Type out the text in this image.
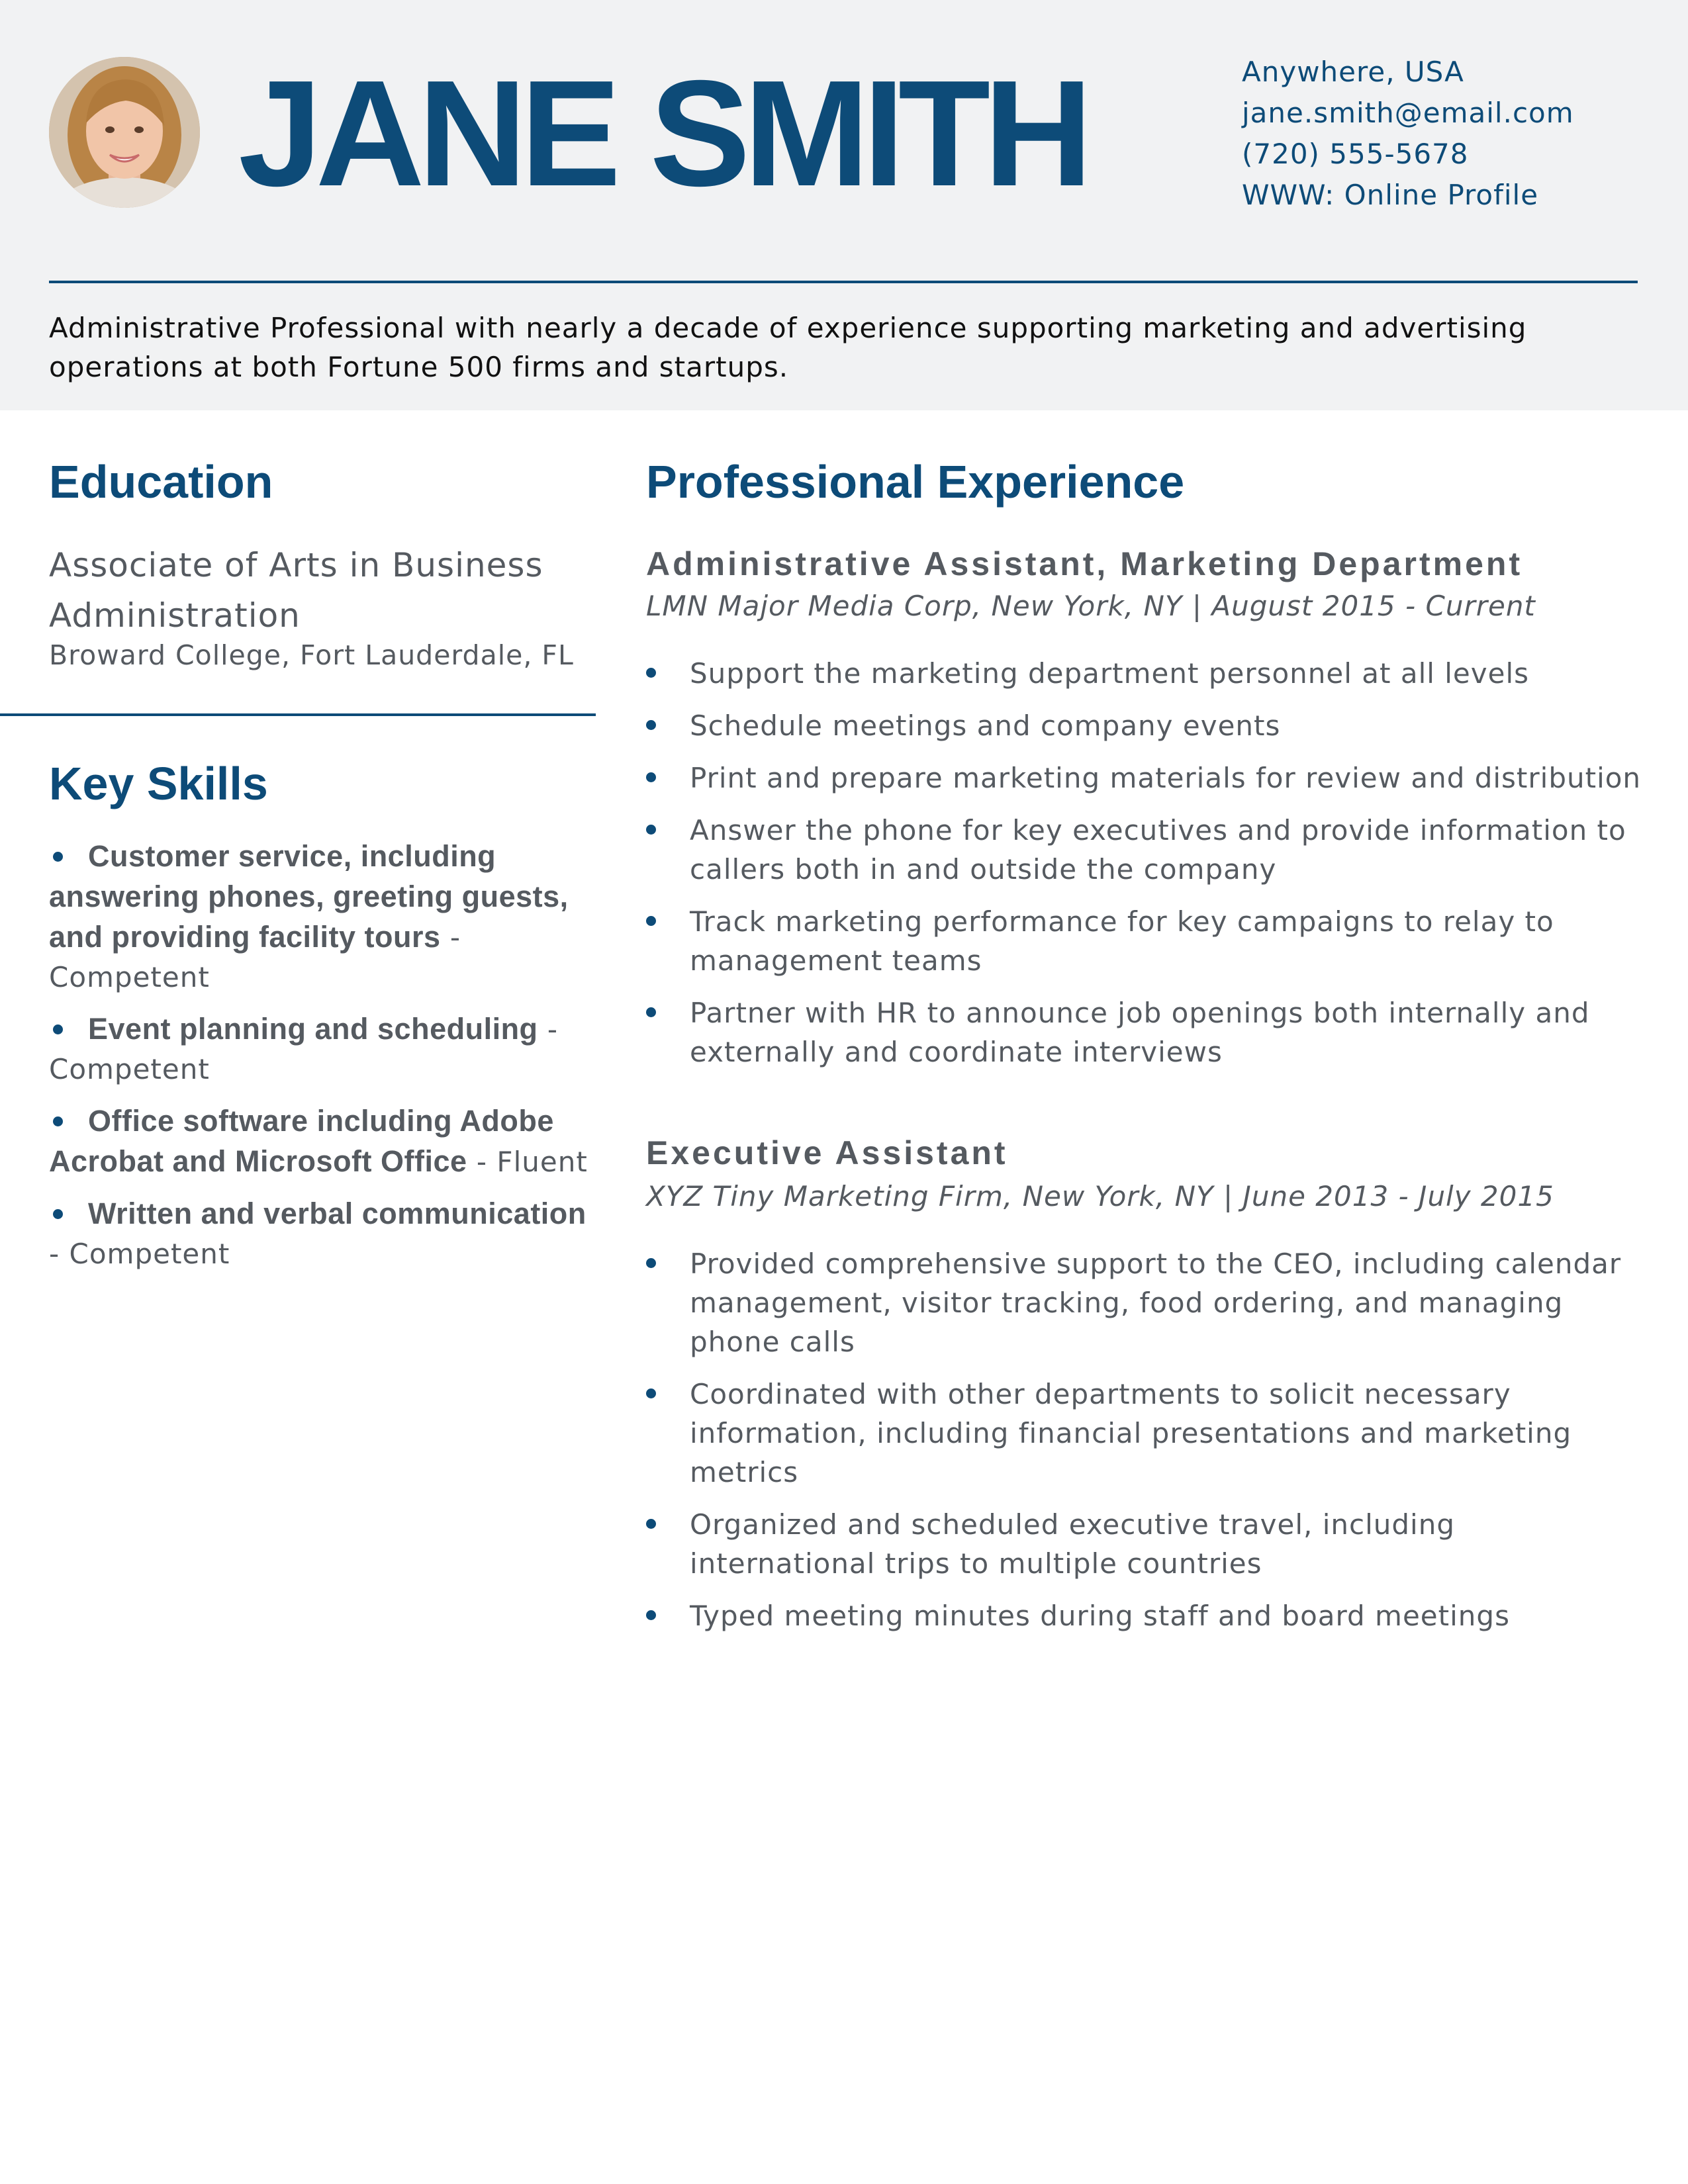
JANE SMITH	Anywhere, USA
jane.smith@email.com
(720) 555-5678
WWW: Online Profile

Administrative Professional with nearly a decade of experience supporting marketing and advertising operations at both Fortune 500 firms and startups.

Education

Associate of Arts in Business Administration

Broward College, Fort Lauderdale, FL

Key Skills
Customer service, including answering phones, greeting guests, and providing facility tours - Competent
Event planning and scheduling - Competent
Office software including Adobe Acrobat and Microsoft Office - Fluent
Written and verbal communication - Competent
Professional Experience
Administrative Assistant, Marketing Department

LMN Major Media Corp, New York, NY | August 2015 - Current

Support the marketing department personnel at all levels
Schedule meetings and company events
Print and prepare marketing materials for review and distribution
Answer the phone for key executives and provide information to callers both in and outside the company
Track marketing performance for key campaigns to relay to management teams
Partner with HR to announce job openings both internally and externally and coordinate interviews
Executive Assistant

XYZ Tiny Marketing Firm, New York, NY | June 2013 - July 2015

Provided comprehensive support to the CEO, including calendar management, visitor tracking, food ordering, and managing phone calls
Coordinated with other departments to solicit necessary information, including financial presentations and marketing metrics
Organized and scheduled executive travel, including international trips to multiple countries
Typed meeting minutes during staff and board meetings
